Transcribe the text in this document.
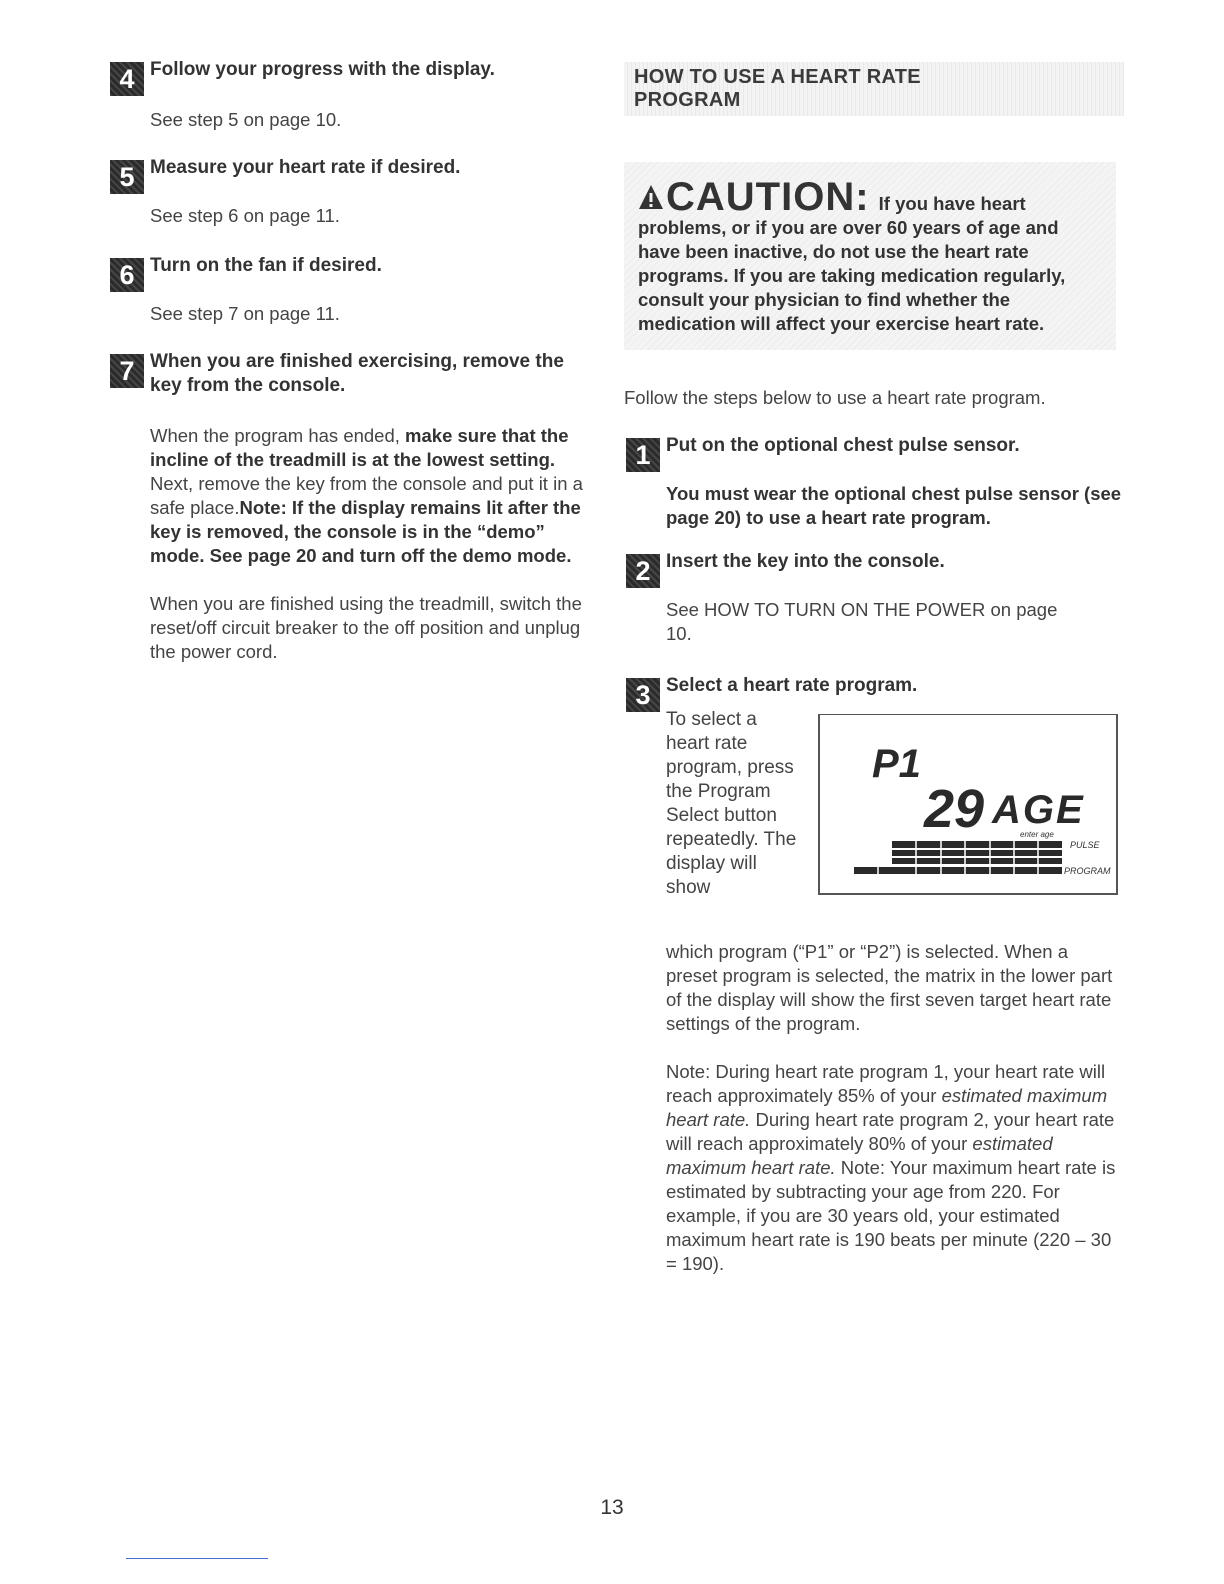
4 Follow your progress with the display.
See step 5 on page 10.
5 Measure your heart rate if desired.
See step 6 on page 11.
6 Turn on the fan if desired.
See step 7 on page 11.
7 When you are finished exercising, remove the key from the console.
When the program has ended, make sure that the incline of the treadmill is at the lowest setting. Next, remove the key from the console and put it in a safe place.Note: If the display remains lit after the key is removed, the console is in the “demo” mode. See page 20 and turn off the demo mode.
When you are finished using the treadmill, switch the reset/off circuit breaker to the off position and unplug the power cord.
HOW TO USE A HEART RATE PROGRAM
CAUTION: If you have heart problems, or if you are over 60 years of age and have been inactive, do not use the heart rate programs. If you are taking medication regularly, consult your physician to find whether the medication will affect your exercise heart rate.
Follow the steps below to use a heart rate program.
1 Put on the optional chest pulse sensor.
You must wear the optional chest pulse sensor (see page 20) to use a heart rate program.
2 Insert the key into the console.
See HOW TO TURN ON THE POWER on page 10.
3 Select a heart rate program.
To select a heart rate program, press the Program Select button repeatedly. The display will show
P1
29 AGE
enter age
PULSE
PROGRAM
which program (“P1” or “P2”) is selected. When a preset program is selected, the matrix in the lower part of the display will show the first seven target heart rate settings of the program.
Note: During heart rate program 1, your heart rate will reach approximately 85% of your estimated maximum heart rate. During heart rate program 2, your heart rate will reach approximately 80% of your estimated maximum heart rate. Note: Your maximum heart rate is estimated by subtracting your age from 220. For example, if you are 30 years old, your estimated maximum heart rate is 190 beats per minute (220 – 30 = 190).
13
